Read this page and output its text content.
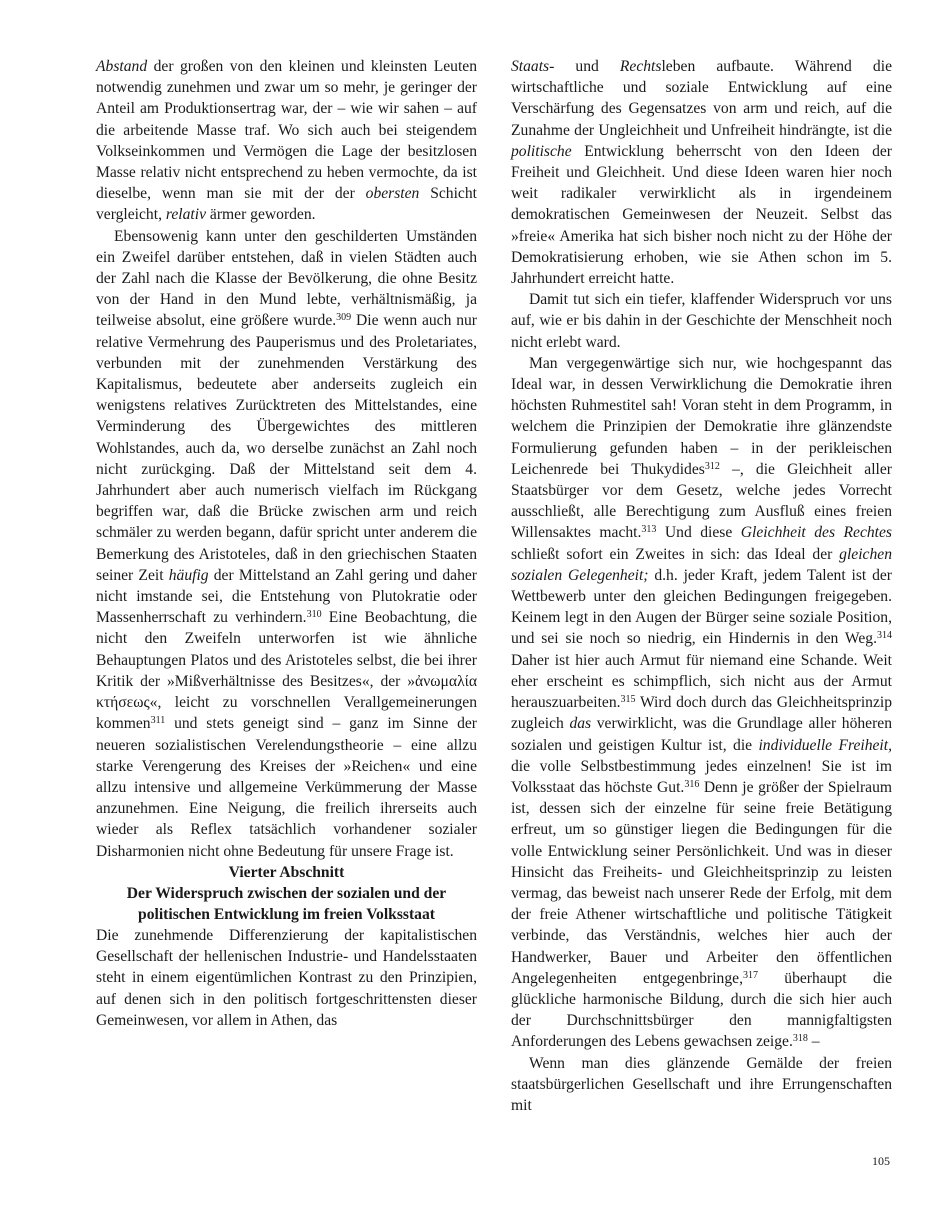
Abstand der großen von den kleinen und kleinsten Leuten notwendig zunehmen und zwar um so mehr, je geringer der Anteil am Produktionsertrag war, der – wie wir sahen – auf die arbeitende Masse traf. Wo sich auch bei steigendem Volkseinkommen und Vermögen die Lage der besitzlosen Masse relativ nicht entsprechend zu heben vermochte, da ist dieselbe, wenn man sie mit der der obersten Schicht vergleicht, relativ ärmer geworden.

Ebensowenig kann unter den geschilderten Umständen ein Zweifel darüber entstehen, daß in vielen Städten auch der Zahl nach die Klasse der Bevölkerung, die ohne Besitz von der Hand in den Mund lebte, verhältnismäßig, ja teilweise absolut, eine größere wurde.$^{309}$ Die wenn auch nur relative Vermehrung des Pauperismus und des Proletariates, verbunden mit der zunehmenden Verstärkung des Kapitalismus, bedeutete aber anderseits zugleich ein wenigstens relatives Zurücktreten des Mittelstandes, eine Verminderung des Übergewichtes des mittleren Wohlstandes, auch da, wo derselbe zunächst an Zahl noch nicht zurückging. Daß der Mittelstand seit dem 4. Jahrhundert aber auch numerisch vielfach im Rückgang begriffen war, daß die Brücke zwischen arm und reich schmäler zu werden begann, dafür spricht unter anderem die Bemerkung des Aristoteles, daß in den griechischen Staaten seiner Zeit häufig der Mittelstand an Zahl gering und daher nicht imstande sei, die Entstehung von Plutokratie oder Massenherrschaft zu verhindern.$^{310}$ Eine Beobachtung, die nicht den Zweifeln unterworfen ist wie ähnliche Behauptungen Platos und des Aristoteles selbst, die bei ihrer Kritik der »Mißverhältnisse des Besitzes«, der »ἀνωμαλία κτήσεως«, leicht zu vorschnellen Verallgemeinerungen kommen$^{311}$ und stets geneigt sind – ganz im Sinne der neueren sozialistischen Verelendungstheorie – eine allzu starke Verengerung des Kreises der »Reichen« und eine allzu intensive und allgemeine Verkümmerung der Masse anzunehmen. Eine Neigung, die freilich ihrerseits auch wieder als Reflex tatsächlich vorhandener sozialer Disharmonien nicht ohne Bedeutung für unsere Frage ist.

Vierter Abschnitt

Der Widerspruch zwischen der sozialen und der politischen Entwicklung im freien Volksstaat

Die zunehmende Differenzierung der kapitalistischen Gesellschaft der hellenischen Industrie- und Handelsstaaten steht in einem eigentümlichen Kontrast zu den Prinzipien, auf denen sich in den politisch fortgeschrittensten dieser Gemeinwesen, vor allem in Athen, das

Staats- und Rechtsleben aufbaute. Während die wirtschaftliche und soziale Entwicklung auf eine Verschärfung des Gegensatzes von arm und reich, auf die Zunahme der Ungleichheit und Unfreiheit hindrängte, ist die politische Entwicklung beherrscht von den Ideen der Freiheit und Gleichheit. Und diese Ideen waren hier noch weit radikaler verwirklicht als in irgendeinem demokratischen Gemeinwesen der Neuzeit. Selbst das »freie« Amerika hat sich bisher noch nicht zu der Höhe der Demokratisierung erhoben, wie sie Athen schon im 5. Jahrhundert erreicht hatte.

Damit tut sich ein tiefer, klaffender Widerspruch vor uns auf, wie er bis dahin in der Geschichte der Menschheit noch nicht erlebt ward.

Man vergegenwärtige sich nur, wie hochgespannt das Ideal war, in dessen Verwirklichung die Demokratie ihren höchsten Ruhmestitel sah! Voran steht in dem Programm, in welchem die Prinzipien der Demokratie ihre glänzendste Formulierung gefunden haben – in der perikleischen Leichenrede bei Thukydides$^{312}$ –, die Gleichheit aller Staatsbürger vor dem Gesetz, welche jedes Vorrecht ausschließt, alle Berechtigung zum Ausfluß eines freien Willensaktes macht.$^{313}$ Und diese Gleichheit des Rechtes schließt sofort ein Zweites in sich: das Ideal der gleichen sozialen Gelegenheit; d.h. jeder Kraft, jedem Talent ist der Wettbewerb unter den gleichen Bedingungen freigegeben. Keinem legt in den Augen der Bürger seine soziale Position, und sei sie noch so niedrig, ein Hindernis in den Weg.$^{314}$ Daher ist hier auch Armut für niemand eine Schande. Weit eher erscheint es schimpflich, sich nicht aus der Armut herauszuarbeiten.$^{315}$ Wird doch durch das Gleichheitsprinzip zugleich das verwirklicht, was die Grundlage aller höheren sozialen und geistigen Kultur ist, die individuelle Freiheit, die volle Selbstbestimmung jedes einzelnen! Sie ist im Volksstaat das höchste Gut.$^{316}$ Denn je größer der Spielraum ist, dessen sich der einzelne für seine freie Betätigung erfreut, um so günstiger liegen die Bedingungen für die volle Entwicklung seiner Persönlichkeit. Und was in dieser Hinsicht das Freiheits- und Gleichheitsprinzip zu leisten vermag, das beweist nach unserer Rede der Erfolg, mit dem der freie Athener wirtschaftliche und politische Tätigkeit verbinde, das Verständnis, welches hier auch der Handwerker, Bauer und Arbeiter den öffentlichen Angelegenheiten entgegenbringe,$^{317}$ überhaupt die glückliche harmonische Bildung, durch die sich hier auch der Durchschnittsbürger den mannigfaltigsten Anforderungen des Lebens gewachsen zeige.$^{318}$ –

Wenn man dies glänzende Gemälde der freien staatsbürgerlichen Gesellschaft und ihre Errungenschaften mit

105
